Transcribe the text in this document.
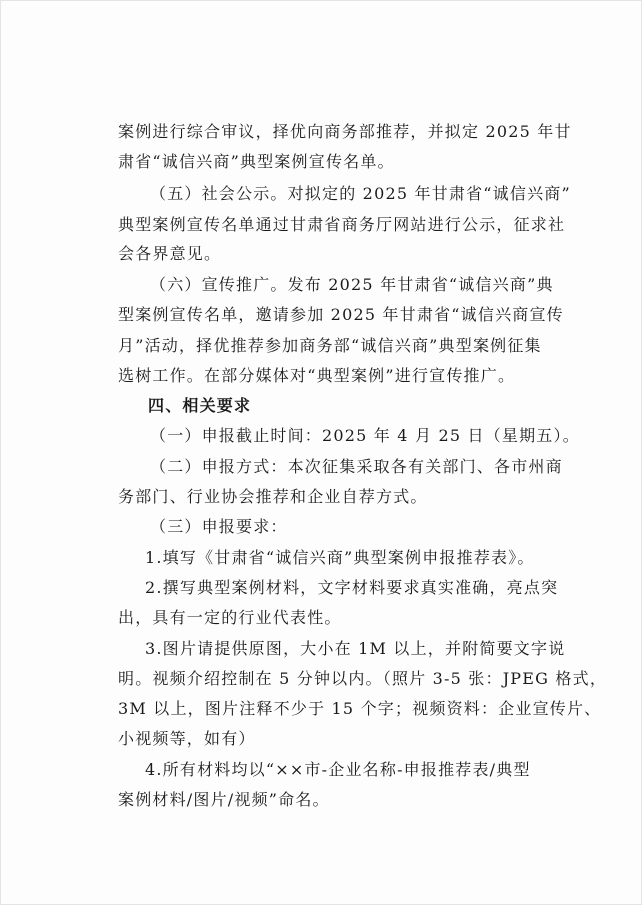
案例进行综合审议，择优向商务部推荐，并拟定 2025 年甘
肃省“诚信兴商”典型案例宣传名单。
（五）社会公示。对拟定的 2025 年甘肃省“诚信兴商”
典型案例宣传名单通过甘肃省商务厅网站进行公示，征求社
会各界意见。
（六）宣传推广。发布 2025 年甘肃省“诚信兴商”典
型案例宣传名单，邀请参加 2025 年甘肃省“诚信兴商宣传
月”活动，择优推荐参加商务部“诚信兴商”典型案例征集
选树工作。在部分媒体对“典型案例”进行宣传推广。
四、相关要求
（一）申报截止时间：2025 年 4 月 25 日（星期五）。
（二）申报方式：本次征集采取各有关部门、各市州商
务部门、行业协会推荐和企业自荐方式。
（三）申报要求：
1.填写《甘肃省“诚信兴商”典型案例申报推荐表》。
2.撰写典型案例材料，文字材料要求真实准确，亮点突
出，具有一定的行业代表性。
3.图片请提供原图，大小在 1M 以上，并附简要文字说
明。视频介绍控制在 5 分钟以内。（照片 3-5 张：JPEG 格式，
3M 以上，图片注释不少于 15 个字；视频资料：企业宣传片、
小视频等，如有）
4.所有材料均以“××市-企业名称-申报推荐表/典型
案例材料/图片/视频”命名。
